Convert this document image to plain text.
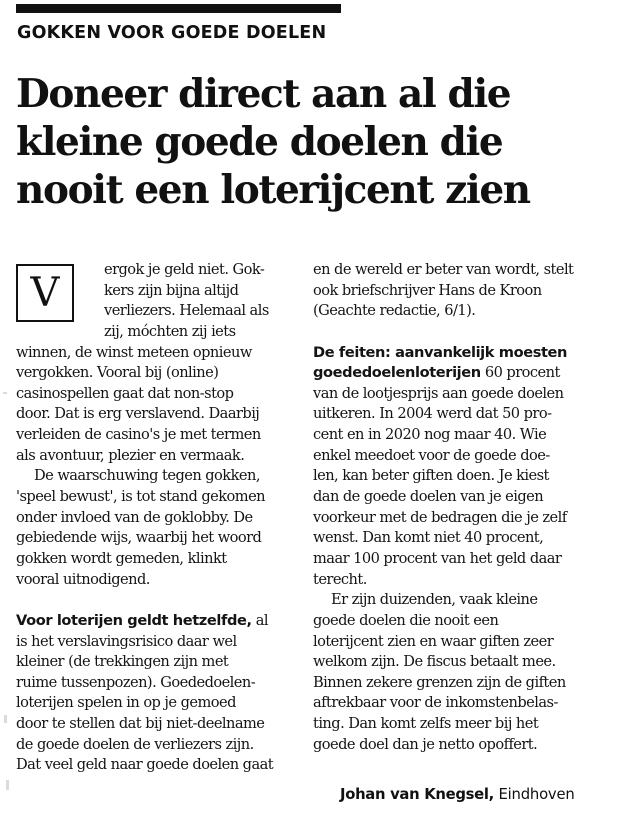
GOKKEN VOOR GOEDE DOELEN
Doneer direct aan al die
kleine goede doelen die
nooit een loterijcent zien
V
ergok je geld niet. Gok-
kers zijn bijna altijd
verliezers. Helemaal als
zij, móchten zij iets
winnen, de winst meteen opnieuw
vergokken. Vooral bij (online)
casinospellen gaat dat non-stop
door. Dat is erg verslavend. Daarbij
verleiden de casino's je met termen
als avontuur, plezier en vermaak.
De waarschuwing tegen gokken,
'speel bewust', is tot stand gekomen
onder invloed van de goklobby. De
gebiedende wijs, waarbij het woord
gokken wordt gemeden, klinkt
vooral uitnodigend.
Voor loterijen geldt hetzelfde, al
is het verslavingsrisico daar wel
kleiner (de trekkingen zijn met
ruime tussenpozen). Goededoelen-
loterijen spelen in op je gemoed
door te stellen dat bij niet-deelname
de goede doelen de verliezers zijn.
Dat veel geld naar goede doelen gaat
en de wereld er beter van wordt, stelt
ook briefschrijver Hans de Kroon
(Geachte redactie, 6/1).
De feiten: aanvankelijk moesten
goededoelenloterijen 60 procent
van de lootjesprijs aan goede doelen
uitkeren. In 2004 werd dat 50 pro-
cent en in 2020 nog maar 40. Wie
enkel meedoet voor de goede doe-
len, kan beter giften doen. Je kiest
dan de goede doelen van je eigen
voorkeur met de bedragen die je zelf
wenst. Dan komt niet 40 procent,
maar 100 procent van het geld daar
terecht.
Er zijn duizenden, vaak kleine
goede doelen die nooit een
loterijcent zien en waar giften zeer
welkom zijn. De fiscus betaalt mee.
Binnen zekere grenzen zijn de giften
aftrekbaar voor de inkomstenbelas-
ting. Dan komt zelfs meer bij het
goede doel dan je netto opoffert.
Johan van Knegsel, Eindhoven
